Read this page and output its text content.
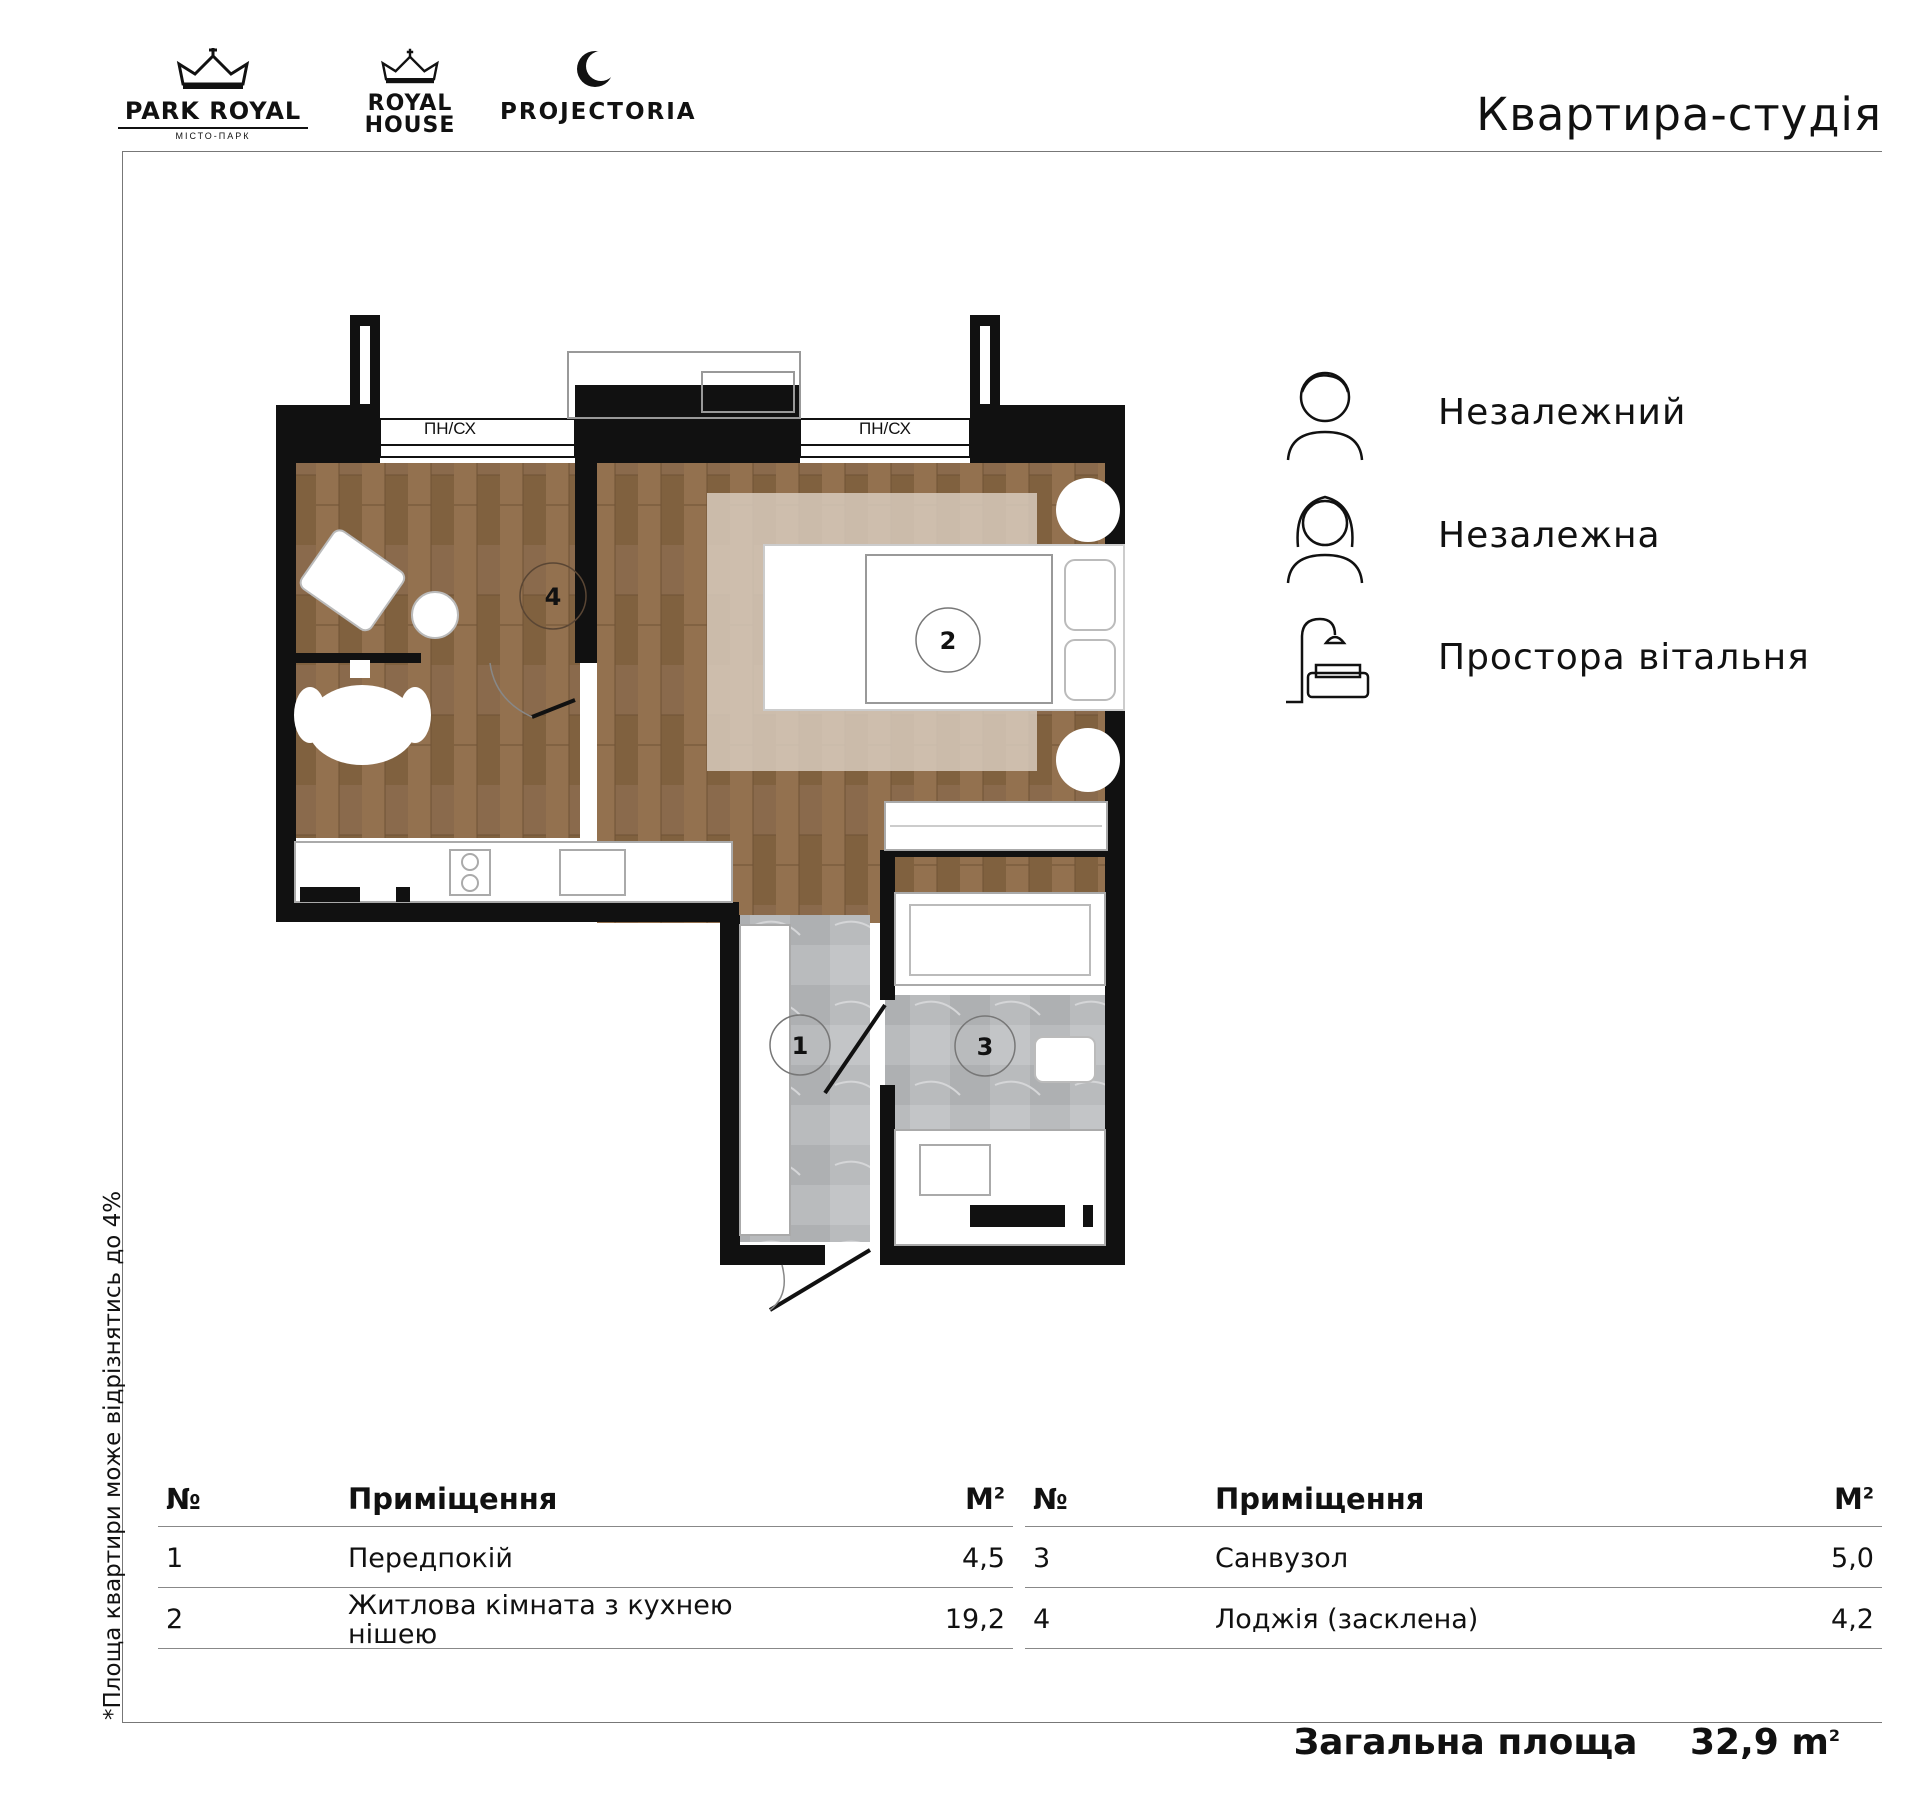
PARK ROYAL
МІСТО-ПАРК
ROYAL
HOUSE
PROJECTORIA	Квартира-студія
*Площа квартири може відрізнятись до 4%
ПН/СХ	ПН/СХ
4
2
1	3
Незалежний
Незалежна
Простора вітальня
№	Приміщення	$М^2$
1	Передпокій	4,5
2	Житлова кімната з кухнею
нішею	19,2
№	Приміщення	$М^2$
3	Санвузол	5,0
4	Лоджія (засклена)	4,2
Загальна площа 32,9 $m^2$
